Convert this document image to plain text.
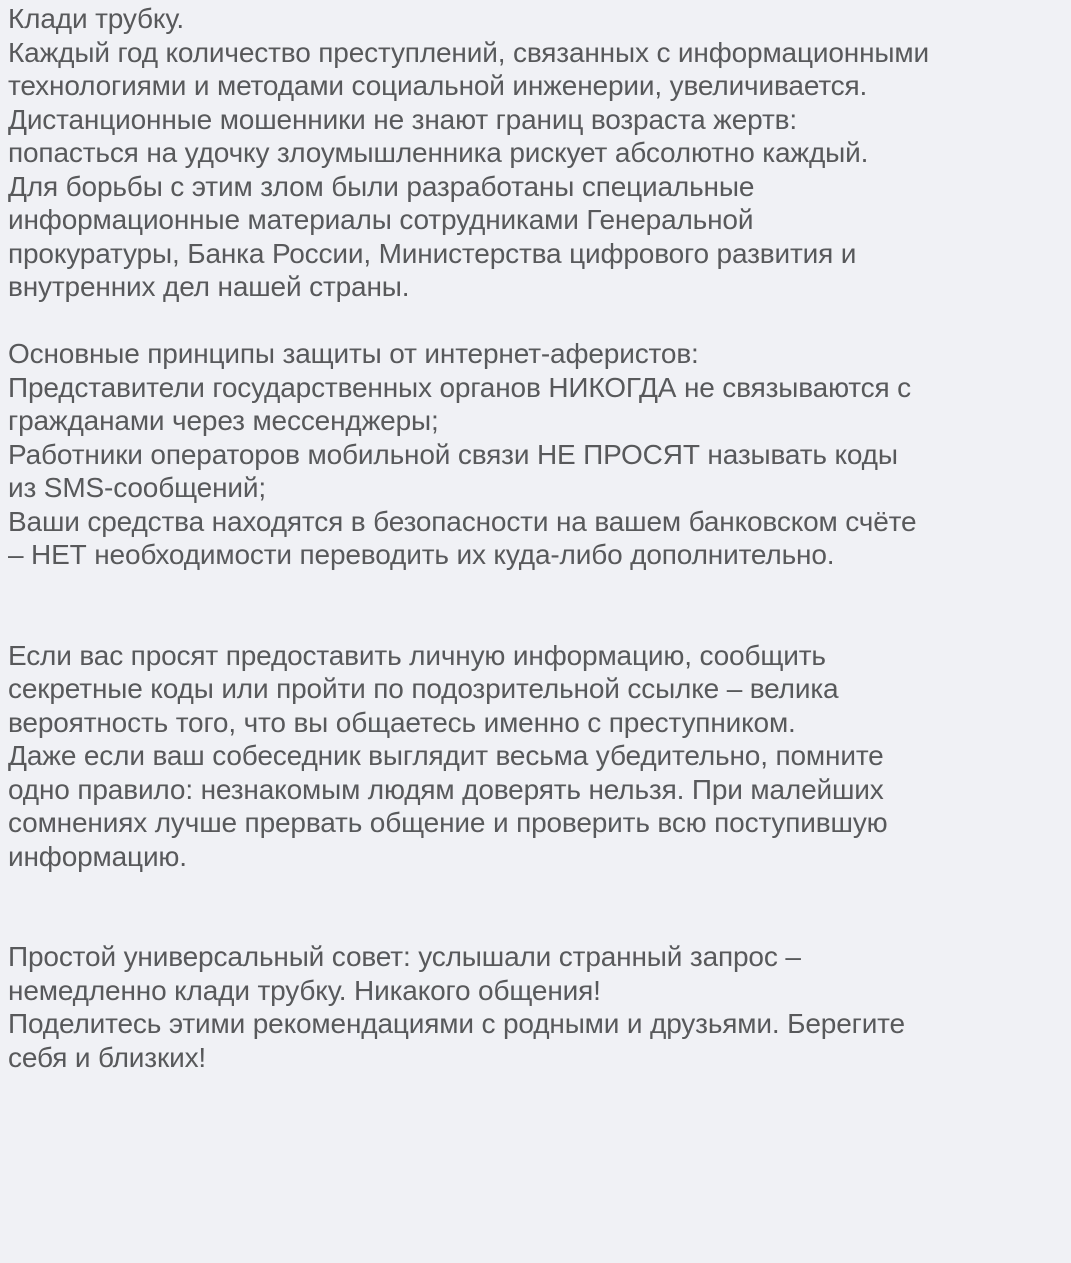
Клади трубку.
Каждый год количество преступлений, связанных с информационными
технологиями и методами социальной инженерии, увеличивается.
Дистанционные мошенники не знают границ возраста жертв:
попасться на удочку злоумышленника рискует абсолютно каждый.
Для борьбы с этим злом были разработаны специальные
информационные материалы сотрудниками Генеральной
прокуратуры, Банка России, Министерства цифрового развития и
внутренних дел нашей страны.
Основные принципы защиты от интернет-аферистов:
Представители государственных органов НИКОГДА не связываются с
гражданами через мессенджеры;
Работники операторов мобильной связи НЕ ПРОСЯТ называть коды
из SMS-сообщений;
Ваши средства находятся в безопасности на вашем банковском счёте
– НЕТ необходимости переводить их куда-либо дополнительно.
Если вас просят предоставить личную информацию, сообщить
секретные коды или пройти по подозрительной ссылке – велика
вероятность того, что вы общаетесь именно с преступником.
Даже если ваш собеседник выглядит весьма убедительно, помните
одно правило: незнакомым людям доверять нельзя. При малейших
сомнениях лучше прервать общение и проверить всю поступившую
информацию.
Простой универсальный совет: услышали странный запрос –
немедленно клади трубку. Никакого общения!
Поделитесь этими рекомендациями с родными и друзьями. Берегите
себя и близких!
